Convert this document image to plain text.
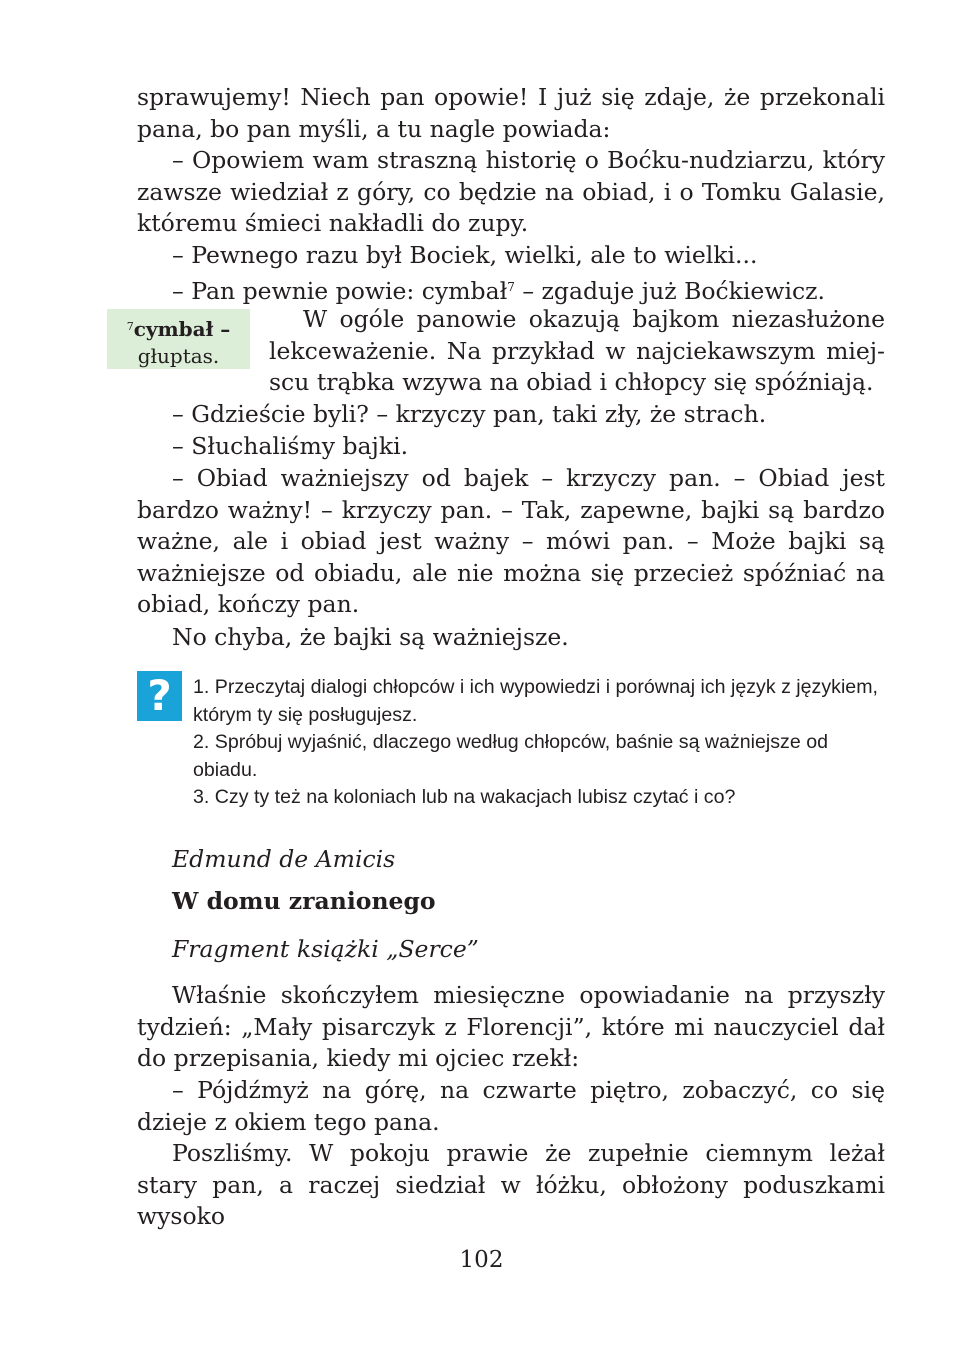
sprawujemy! Niech pan opowie! I już się zdaje, że przekonali pana, bo pan myśli, a tu nagle powiada:

– Opowiem wam straszną historię o Boćku-nudziarzu, który zawsze wiedział z góry, co będzie na obiad, i o Tomku Galasie, któremu śmieci nakładli do zupy.

– Pewnego razu był Bociek, wielki, ale to wielki...

– Pan pewnie powie: cymbał$^7$ – zgaduje już Boćkiewicz.

$^7$cymbał –
głuptas.
W ogóle panowie okazują bajkom niezasłużone
lekceważenie. Na przykład w najciekawszym miej-
scu trąbka wzywa na obiad i chłopcy się spóźniają.

– Gdzieście byli? – krzyczy pan, taki zły, że strach.

– Słuchaliśmy bajki.

– Obiad ważniejszy od bajek – krzyczy pan. – Obiad jest bardzo ważny! – krzyczy pan. – Tak, zapewne, bajki są bardzo ważne, ale i obiad jest ważny – mówi pan. – Może bajki są ważniejsze od obiadu, ale nie można się przecież spóźniać na obiad, kończy pan.

No chyba, że bajki są ważniejsze.

?	1. Przeczytaj dialogi chłopców i ich wypowiedzi i porównaj ich język z językiem, którym ty się posługujesz.
2. Spróbuj wyjaśnić, dlaczego według chłopców, baśnie są ważniejsze od obiadu.
3. Czy ty też na koloniach lub na wakacjach lubisz czytać i co?

Edmund de Amicis

W domu zranionego

Fragment książki „Serce”

Właśnie skończyłem miesięczne opowiadanie na przyszły tydzień: „Mały pisarczyk z Florencji”, które mi nauczyciel dał do przepisania, kiedy mi ojciec rzekł:

– Pójdźmyż na górę, na czwarte piętro, zobaczyć, co się dzieje z okiem tego pana.

Poszliśmy. W pokoju prawie że zupełnie ciemnym leżał stary pan, a raczej siedział w łóżku, obłożony poduszkami wysoko

102
